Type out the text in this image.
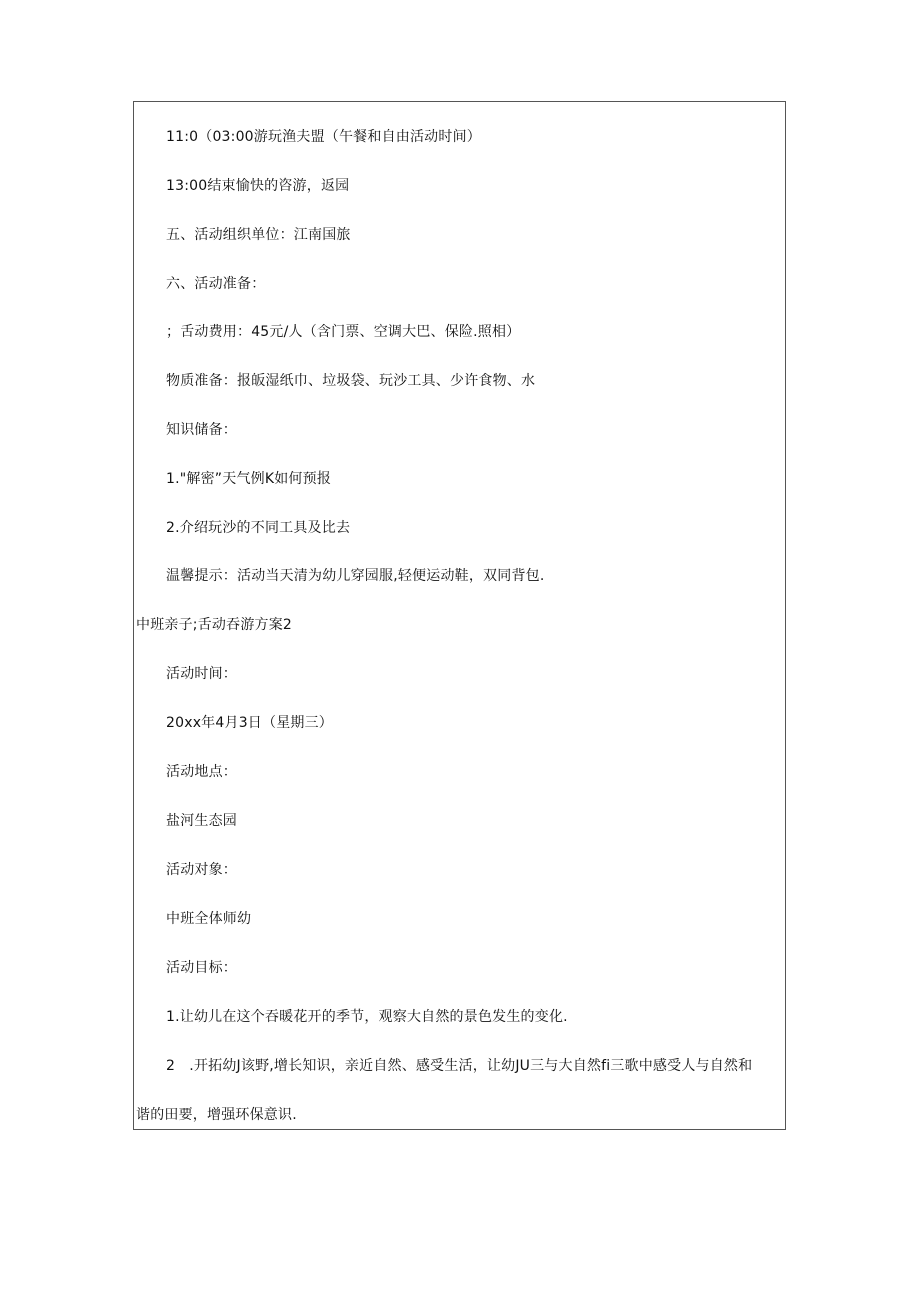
11:0（03:00游玩渔夫盟（午餐和自由活动时间）
13:00结束愉快的咨游，返园
五、活动组织单位：江南国旅
六、活动准备：
；舌动费用：45元/人（含门票、空调大巴、保险.照相）
物质准备：报皈湿纸巾、垃圾袋、玩沙工具、少许食物、水
知识储备：
1."解密”天气例K如何预报
2.介绍玩沙的不同工具及比去
温馨提示：活动当天清为幼儿穿园服,轻便运动鞋，双同背包.
中班亲子;舌动吞游方案2
活动时间：
20xx年4月3日（星期三）
活动地点：
盐河生态园
活动对象：
中班全体师幼
活动目标：
1.让幼儿在这个吞暖花开的季节，观察大自然的景色发生的变化.
2　.开拓幼J该野,增长知识，亲近自然、感受生活，让幼JU三与大自然fi三歌中感受人与自然和
谐的田要，增强环保意识.
